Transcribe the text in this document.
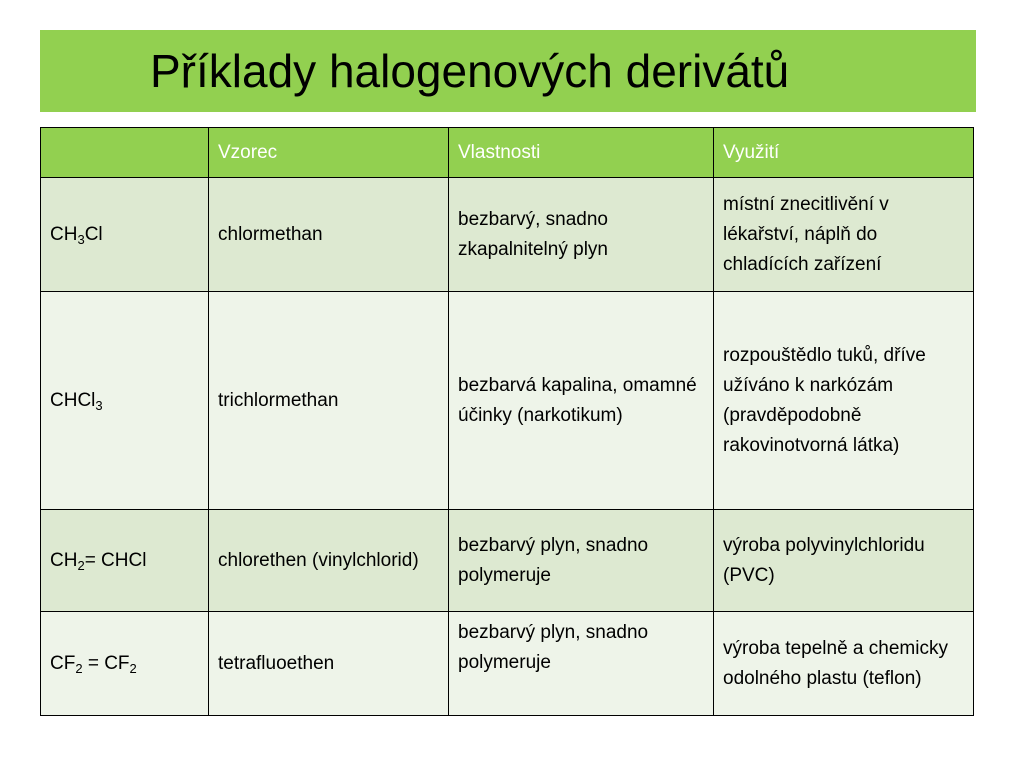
Příklady halogenových derivátů
	Vzorec	Vlastnosti	Využití
$CH_3Cl$	chlormethan	bezbarvý, snadno zkapalnitelný plyn	místní znecitlivění v lékařství, náplň do chladících zařízení
CHCl$_3$	trichlormethan	bezbarvá kapalina, omamné účinky (narkotikum)	rozpouštědlo tuků, dříve užíváno k narkózám (pravděpodobně rakovinotvorná látka)
$CH_2=$ CHCl	chlorethen (vinylchlorid)	bezbarvý plyn, snadno polymeruje	výroba polyvinylchloridu (PVC)
$CF_2 = CF_2$	tetrafluoethen	bezbarvý plyn, snadno polymeruje	výroba tepelně a chemicky odolného plastu (teflon)
